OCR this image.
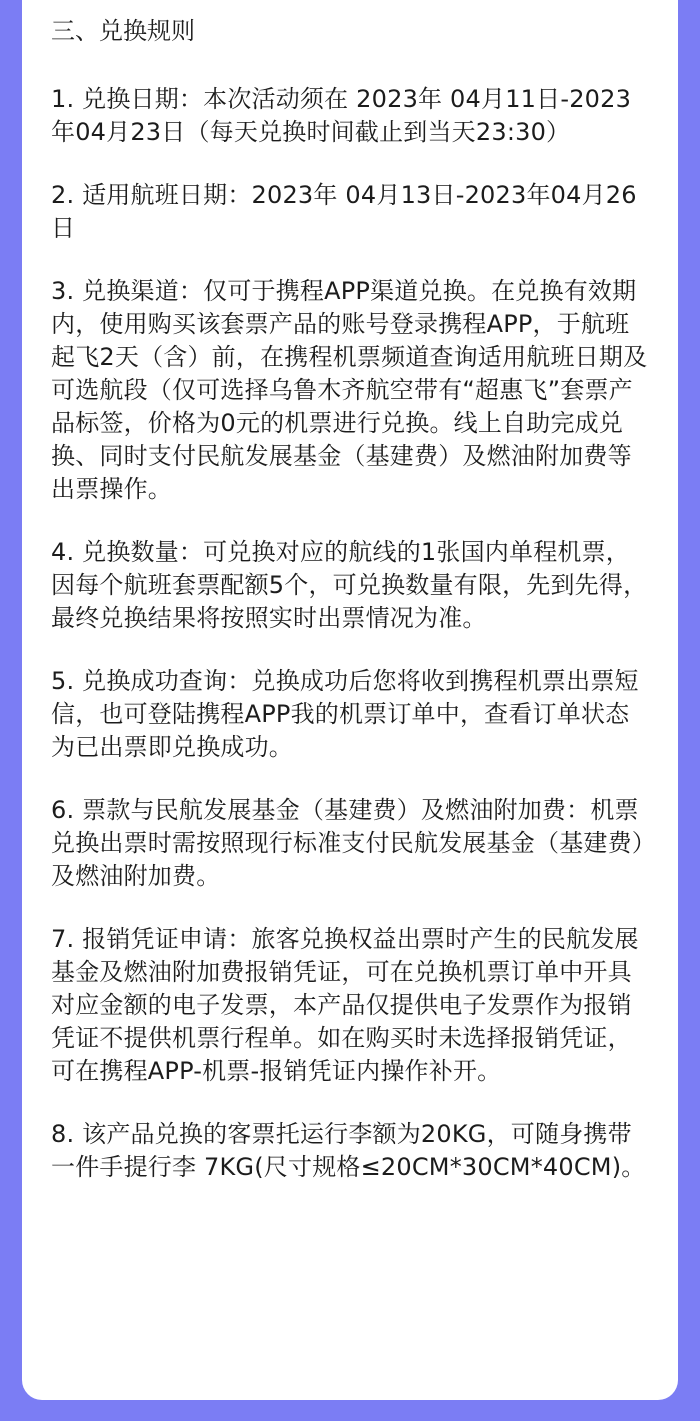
三、兑换规则
1. 兑换日期：本次活动须在 2023年 04月11日-2023年04月23日（每天兑换时间截止到当天23:30）
2. 适用航班日期：2023年 04月13日-2023年04月26日
3. 兑换渠道：仅可于携程APP渠道兑换。在兑换有效期内，使用购买该套票产品的账号登录携程APP，于航班起飞2天（含）前，在携程机票频道查询适用航班日期及可选航段（仅可选择乌鲁木齐航空带有“超惠飞”套票产品标签，价格为0元的机票进行兑换。线上自助完成兑换、同时支付民航发展基金（基建费）及燃油附加费等出票操作。
4. 兑换数量：可兑换对应的航线的1张国内单程机票，因每个航班套票配额5个，可兑换数量有限，先到先得，最终兑换结果将按照实时出票情况为准。
5. 兑换成功查询：兑换成功后您将收到携程机票出票短信，也可登陆携程APP我的机票订单中，查看订单状态为已出票即兑换成功。
6. 票款与民航发展基金（基建费）及燃油附加费：机票兑换出票时需按照现行标准支付民航发展基金（基建费）及燃油附加费。
7. 报销凭证申请：旅客兑换权益出票时产生的民航发展基金及燃油附加费报销凭证，可在兑换机票订单中开具对应金额的电子发票，本产品仅提供电子发票作为报销凭证不提供机票行程单。如在购买时未选择报销凭证，可在携程APP-机票-报销凭证内操作补开。
8. 该产品兑换的客票托运行李额为20KG，可随身携带一件手提行李 7KG(尺寸规格≤20CM*30CM*40CM)。
